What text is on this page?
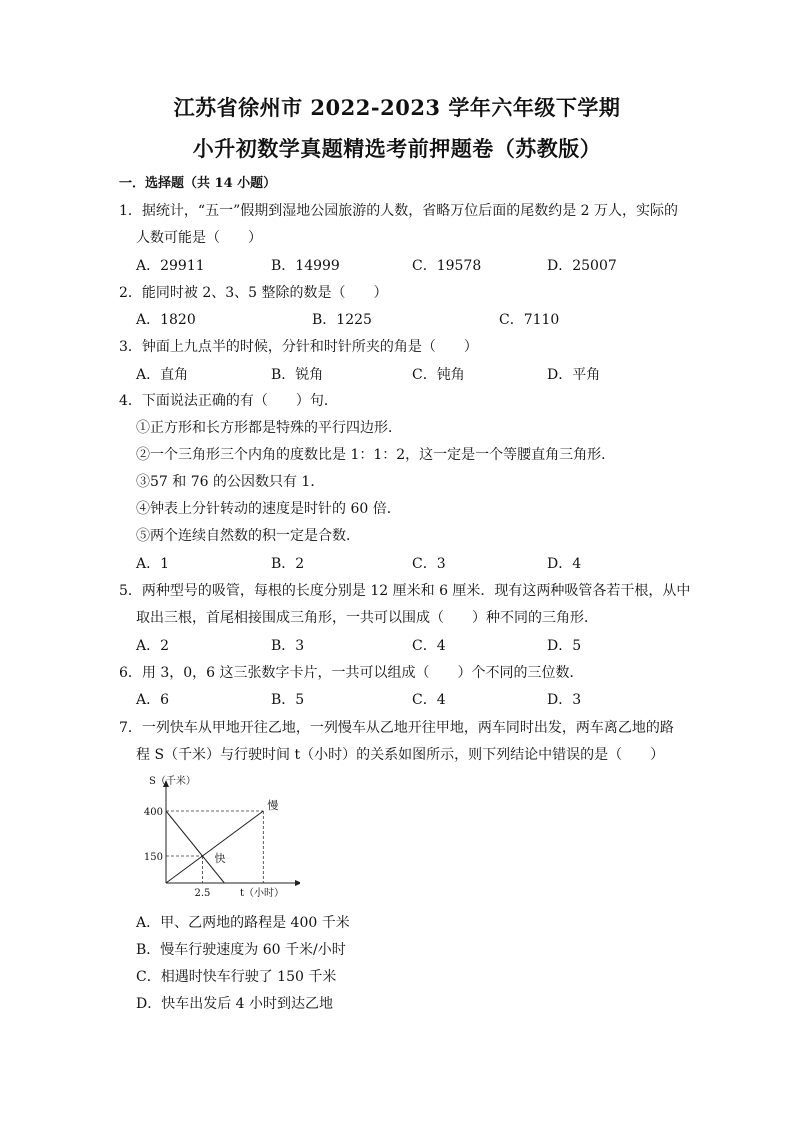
江苏省徐州市 2022-2023 学年六年级下学期
小升初数学真题精选考前押题卷（苏教版）
一．选择题（共 14 小题）
1．据统计，“五一”假期到湿地公园旅游的人数，省略万位后面的尾数约是 2 万人，实际的
人数可能是（　　）
A．29911	B．14999	C．19578	D．25007
2．能同时被 2、3、5 整除的数是（　　）
A．1820	B．1225	C．7110
3．钟面上九点半的时候，分针和时针所夹的角是（　　）
A．直角	B．锐角	C．钝角	D．平角
4．下面说法正确的有（　　）句．
①正方形和长方形都是特殊的平行四边形．
②一个三角形三个内角的度数比是 1：1：2，这一定是一个等腰直角三角形．
③57 和 76 的公因数只有 1．
④钟表上分针转动的速度是时针的 60 倍．
⑤两个连续自然数的积一定是合数．
A．1	B．2	C．3	D．4
5．两种型号的吸管，每根的长度分别是 12 厘米和 6 厘米．现有这两种吸管各若干根，从中
取出三根，首尾相接围成三角形，一共可以围成（　　）种不同的三角形．
A．2	B．3	C．4	D．5
6．用 3，0，6 这三张数字卡片，一共可以组成（　　）个不同的三位数．
A．6	B．5	C．4	D．3
7．一列快车从甲地开往乙地，一列慢车从乙地开往甲地，两车同时出发，两车离乙地的路
程 S（千米）与行驶时间 t（小时）的关系如图所示，则下列结论中错误的是（　　）
S（千米）
t（小时）
400
150
2.5
慢
快
A．甲、乙两地的路程是 400 千米
B．慢车行驶速度为 60 千米/小时
C．相遇时快车行驶了 150 千米
D．快车出发后 4 小时到达乙地
